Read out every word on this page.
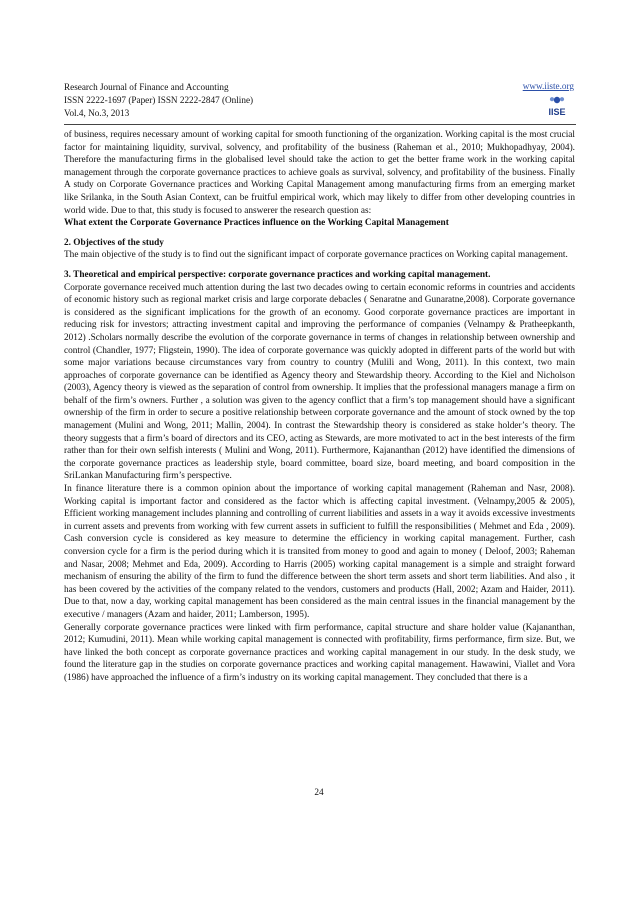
Research Journal of Finance and Accounting
ISSN 2222-1697 (Paper) ISSN 2222-2847 (Online)
Vol.4, No.3, 2013
www.iiste.org
IISE

of business, requires necessary amount of working capital for smooth functioning of the organization. Working capital is the most crucial factor for maintaining liquidity, survival, solvency, and profitability of the business (Raheman et al., 2010; Mukhopadhyay, 2004). Therefore the manufacturing firms in the globalised level should take the action to get the better frame work in the working capital management through the corporate governance practices to achieve goals as survival, solvency, and profitability of the business. Finally A study on Corporate Governance practices and Working Capital Management among manufacturing firms from an emerging market like Srilanka, in the South Asian Context, can be fruitful empirical work, which may likely to differ from other developing countries in world wide. Due to that, this study is focused to answerer the research question as:

What extent the Corporate Governance Practices influence on the Working Capital Management

2. Objectives of the study

The main objective of the study is to find out the significant impact of corporate governance practices on Working capital management.

3. Theoretical and empirical perspective: corporate governance practices and working capital management.

Corporate governance received much attention during the last two decades owing to certain economic reforms in countries and accidents of economic history such as regional market crisis and large corporate debacles ( Senaratne and Gunaratne,2008). Corporate governance is considered as the significant implications for the growth of an economy. Good corporate governance practices are important in reducing risk for investors; attracting investment capital and improving the performance of companies (Velnampy & Pratheepkanth, 2012) .Scholars normally describe the evolution of the corporate governance in terms of changes in relationship between ownership and control (Chandler, 1977; Fligstein, 1990). The idea of corporate governance was quickly adopted in different parts of the world but with some major variations because circumstances vary from country to country (Mulili and Wong, 2011). In this context, two main approaches of corporate governance can be identified as Agency theory and Stewardship theory. According to the Kiel and Nicholson (2003), Agency theory is viewed as the separation of control from ownership. It implies that the professional managers manage a firm on behalf of the firm’s owners. Further , a solution was given to the agency conflict that a firm’s top management should have a significant ownership of the firm in order to secure a positive relationship between corporate governance and the amount of stock owned by the top management (Mulini and Wong, 2011; Mallin, 2004). In contrast the Stewardship theory is considered as stake holder’s theory. The theory suggests that a firm’s board of directors and its CEO, acting as Stewards, are more motivated to act in the best interests of the firm rather than for their own selfish interests ( Mulini and Wong, 2011). Furthermore, Kajananthan (2012) have identified the dimensions of the corporate governance practices as leadership style, board committee, board size, board meeting, and board composition in the SriLankan Manufacturing firm’s perspective.

In finance literature there is a common opinion about the importance of working capital management (Raheman and Nasr, 2008). Working capital is important factor and considered as the factor which is affecting capital investment. (Velnampy,2005 & 2005), Efficient working management includes planning and controlling of current liabilities and assets in a way it avoids excessive investments in current assets and prevents from working with few current assets in sufficient to fulfill the responsibilities ( Mehmet and Eda , 2009). Cash conversion cycle is considered as key measure to determine the efficiency in working capital management. Further, cash conversion cycle for a firm is the period during which it is transited from money to good and again to money ( Deloof, 2003; Raheman and Nasar, 2008; Mehmet and Eda, 2009). According to Harris (2005) working capital management is a simple and straight forward mechanism of ensuring the ability of the firm to fund the difference between the short term assets and short term liabilities. And also , it has been covered by the activities of the company related to the vendors, customers and products (Hall, 2002; Azam and Haider, 2011). Due to that, now a day, working capital management has been considered as the main central issues in the financial management by the executive / managers (Azam and haider, 2011; Lamberson, 1995).

Generally corporate governance practices were linked with firm performance, capital structure and share holder value (Kajananthan, 2012; Kumudini, 2011). Mean while working capital management is connected with profitability, firms performance, firm size. But, we have linked the both concept as corporate governance practices and working capital management in our study. In the desk study, we found the literature gap in the studies on corporate governance practices and working capital management. Hawawini, Viallet and Vora (1986) have approached the influence of a firm’s industry on its working capital management. They concluded that there is a

24
